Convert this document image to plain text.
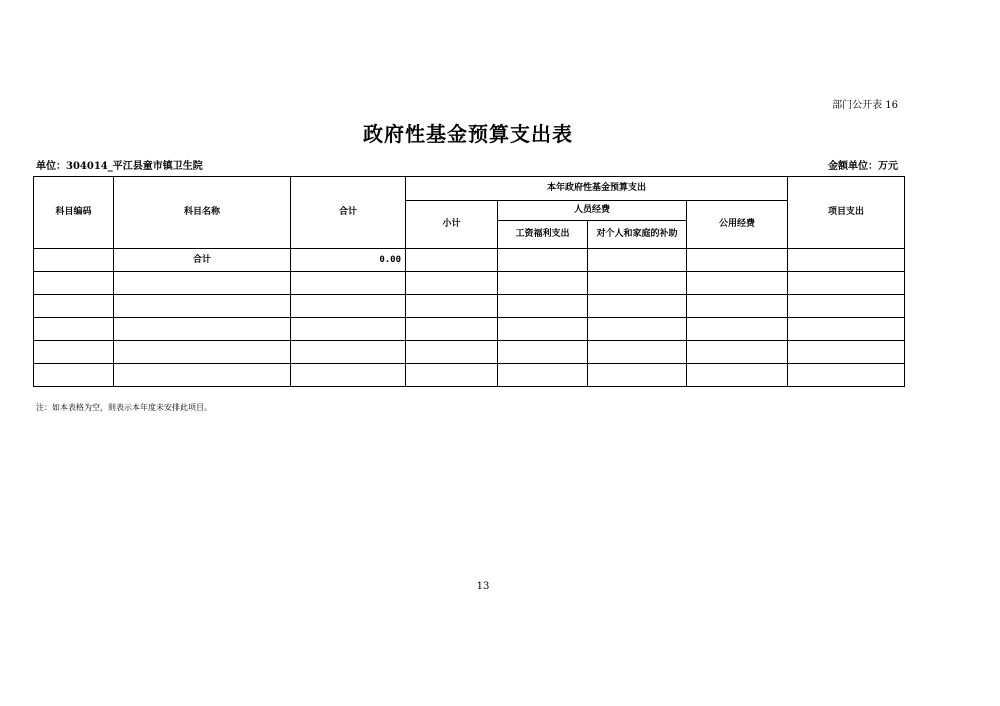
部门公开表 16
政府性基金预算支出表
单位：304014_平江县童市镇卫生院	金额单位：万元
科目编码	科目名称	合计	本年政府性基金预算支出				项目支出
			小计	人员经费		公用经费	
				工资福利支出	对个人和家庭的补助		
	合计	0.00					

注：如本表格为空，则表示本年度未安排此项目。
13
